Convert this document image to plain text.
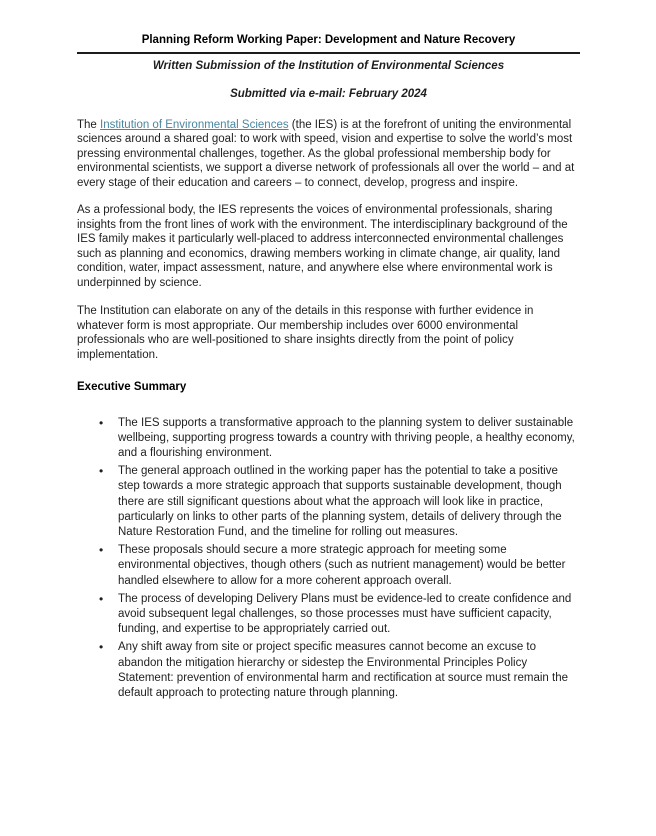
Planning Reform Working Paper: Development and Nature Recovery
Written Submission of the Institution of Environmental Sciences
Submitted via e-mail: February 2024

The Institution of Environmental Sciences (the IES) is at the forefront of uniting the environmental sciences around a shared goal: to work with speed, vision and expertise to solve the world’s most pressing environmental challenges, together. As the global professional membership body for environmental scientists, we support a diverse network of professionals all over the world – and at every stage of their education and careers – to connect, develop, progress and inspire.

As a professional body, the IES represents the voices of environmental professionals, sharing insights from the front lines of work with the environment. The interdisciplinary background of the IES family makes it particularly well-placed to address interconnected environmental challenges such as planning and economics, drawing members working in climate change, air quality, land condition, water, impact assessment, nature, and anywhere else where environmental work is underpinned by science.

The Institution can elaborate on any of the details in this response with further evidence in whatever form is most appropriate. Our membership includes over 6000 environmental professionals who are well-positioned to share insights directly from the point of policy implementation.

Executive Summary
• The IES supports a transformative approach to the planning system to deliver sustainable wellbeing, supporting progress towards a country with thriving people, a healthy economy, and a flourishing environment.
• The general approach outlined in the working paper has the potential to take a positive step towards a more strategic approach that supports sustainable development, though there are still significant questions about what the approach will look like in practice, particularly on links to other parts of the planning system, details of delivery through the Nature Restoration Fund, and the timeline for rolling out measures.
• These proposals should secure a more strategic approach for meeting some environmental objectives, though others (such as nutrient management) would be better handled elsewhere to allow for a more coherent approach overall.
• The process of developing Delivery Plans must be evidence-led to create confidence and avoid subsequent legal challenges, so those processes must have sufficient capacity, funding, and expertise to be appropriately carried out.
• Any shift away from site or project specific measures cannot become an excuse to abandon the mitigation hierarchy or sidestep the Environmental Principles Policy Statement: prevention of environmental harm and rectification at source must remain the default approach to protecting nature through planning.
